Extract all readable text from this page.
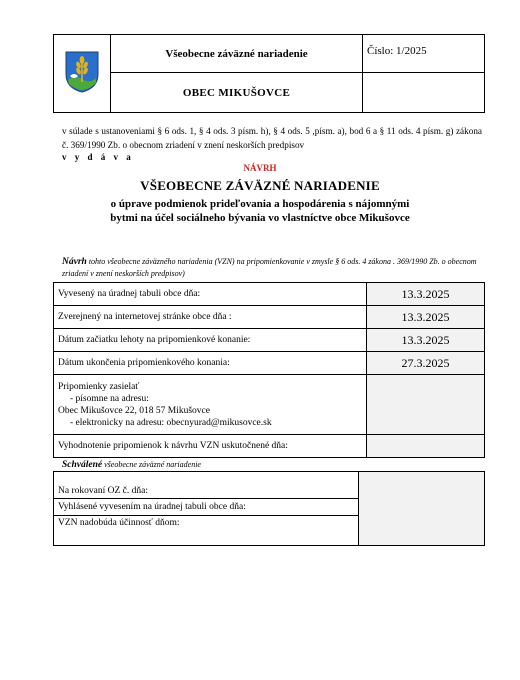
	Všeobecne záväzné nariadenie	Číslo: 1/2025
	OBEC MIKUŠOVCE	
v súlade s ustanoveniami § 6 ods. 1, § 4 ods. 3 písm. h), § 4 ods. 5 ,písm. a), bod 6 a § 11 ods. 4 písm. g) zákona č. 369/1990 Zb. o obecnom zriadení v znení neskorších predpisov
v y d á v a
NÁVRH
VŠEOBECNE ZÁVÄZNÉ NARIADENIE
o úprave podmienok prideľovania a hospodárenia s nájomnými bytmi na účel sociálneho bývania vo vlastníctve obce Mikušovce
Návrh tohto všeobecne záväzného nariadenia (VZN) na pripomienkovanie v zmysle § 6 ods. 4 zákona . 369/1990 Zb. o obecnom zriadení v znení neskorších predpisov)
Vyvesený na úradnej tabuli obce dňa:	13.3.2025
Zverejnený na internetovej stránke obce dňa :	13.3.2025
Dátum začiatku lehoty na pripomienkové konanie:	13.3.2025
Dátum ukončenia pripomienkového konania:	27.3.2025

Pripomienky zasielať
- písomne na adresu:
Obec Mikušovce 22, 018 57 Mikušovce
- elektronicky na adresu: obecnyurad@mikusovce.sk	

Vyhodnotenie pripomienok k návrhu VZN uskutočnené dňa:	
Schválené všeobecne záväzné nariadenie
Na rokovaní OZ č. dňa:	
Vyhlásené vyvesením na úradnej tabuli obce dňa:
VZN nadobúda účinnosť dňom:
